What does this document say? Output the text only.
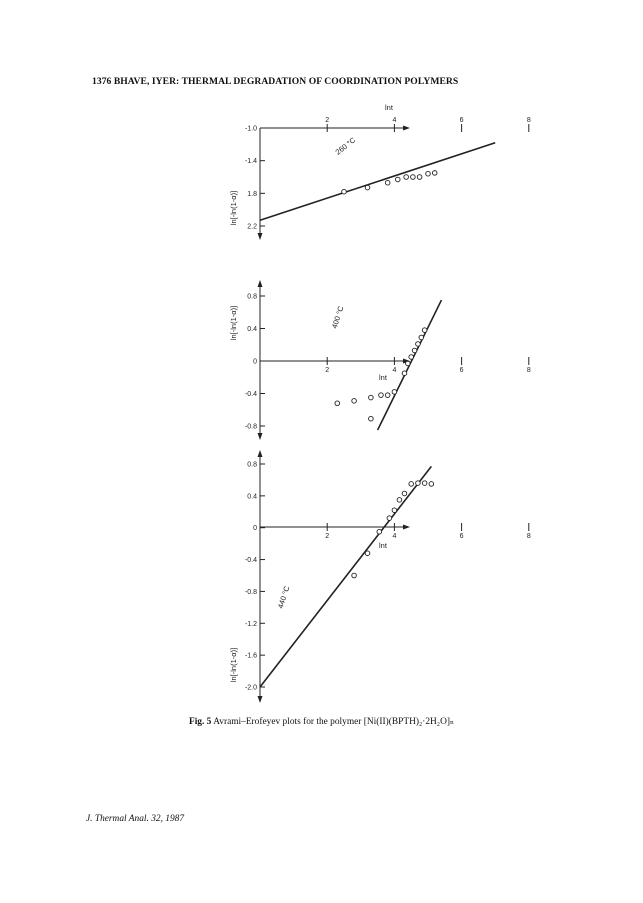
1376 BHAVE, IYER: THERMAL DEGRADATION OF COORDINATION POLYMERS
2	4	6	8
-1.0
-1.4
1.8
2.2
lnt
ln[-ln(1-α)]
260 °C
2	4	6	8
0.8
0.4
0
-0.4
-0.8
lnt
ln[-ln(1-α)]	400 °C
2	4	6	8
0.8
0.4
0
-0.4
-0.8
-1.2
-1.6
-2.0
lnt
ln[-ln(1-α)]
440 °C
Fig. 5 Avrami–Erofeyev plots for the polymer [Ni(II)(BPTH)₂·2H₂O]ₙ
J. Thermal Anal. 32, 1987
